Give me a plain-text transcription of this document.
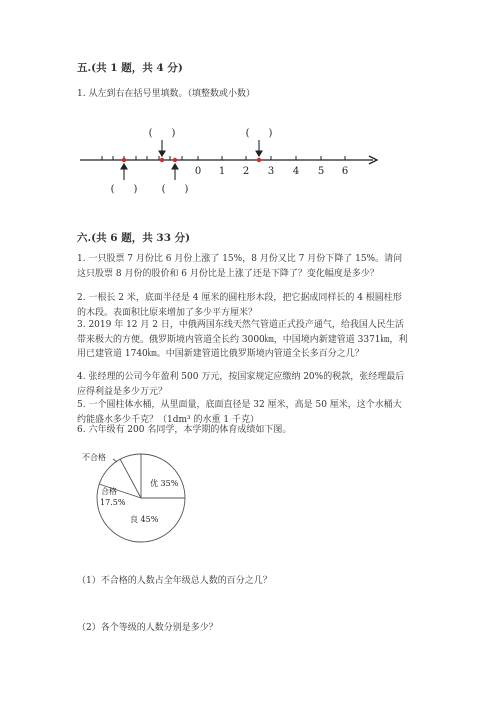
五.(共 1 题，共 4 分)
1. 从左到右在括号里填数。（填整数或小数）
0 1 2 3 4 5 6
(      )	(      )
(      ) (      )
六.(共 6 题，共 33 分)
1. 一只股票 7 月份比 6 月份上涨了 15%，8 月份又比 7 月份下降了 15%。请问这只股票 8 月份的股价和 6 月份比是上涨了还是下降了？变化幅度是多少？
2. 一根长 2 米，底面半径是 4 厘米的圆柱形木段，把它据成同样长的 4 根圆柱形的木段。表面积比原来增加了多少平方厘米？
3. 2019 年 12 月 2 日，中俄两国东线天然气管道正式投产通气，给我国人民生活带来极大的方便。俄罗斯境内管道全长约 3000㎞，中国境内新建管道 3371㎞，利用已建管道 1740㎞。中国新建管道比俄罗斯境内管道全长多百分之几？
4. 张经理的公司今年盈利 500 万元，按国家规定应缴纳 20%的税款，张经理最后应得利益是多少万元？
5. 一个圆柱体水桶，从里面量，底面直径是 32 厘米，高是 50 厘米，这个水桶大约能盛水多少千克？（1dm³ 的水重 1 千克）
6. 六年级有 200 名同学，本学期的体育成绩如下图。
不合格
合格
17.5%
优 35%
良 45%
（1）不合格的人数占全年级总人数的百分之几？
（2）各个等级的人数分别是多少？
